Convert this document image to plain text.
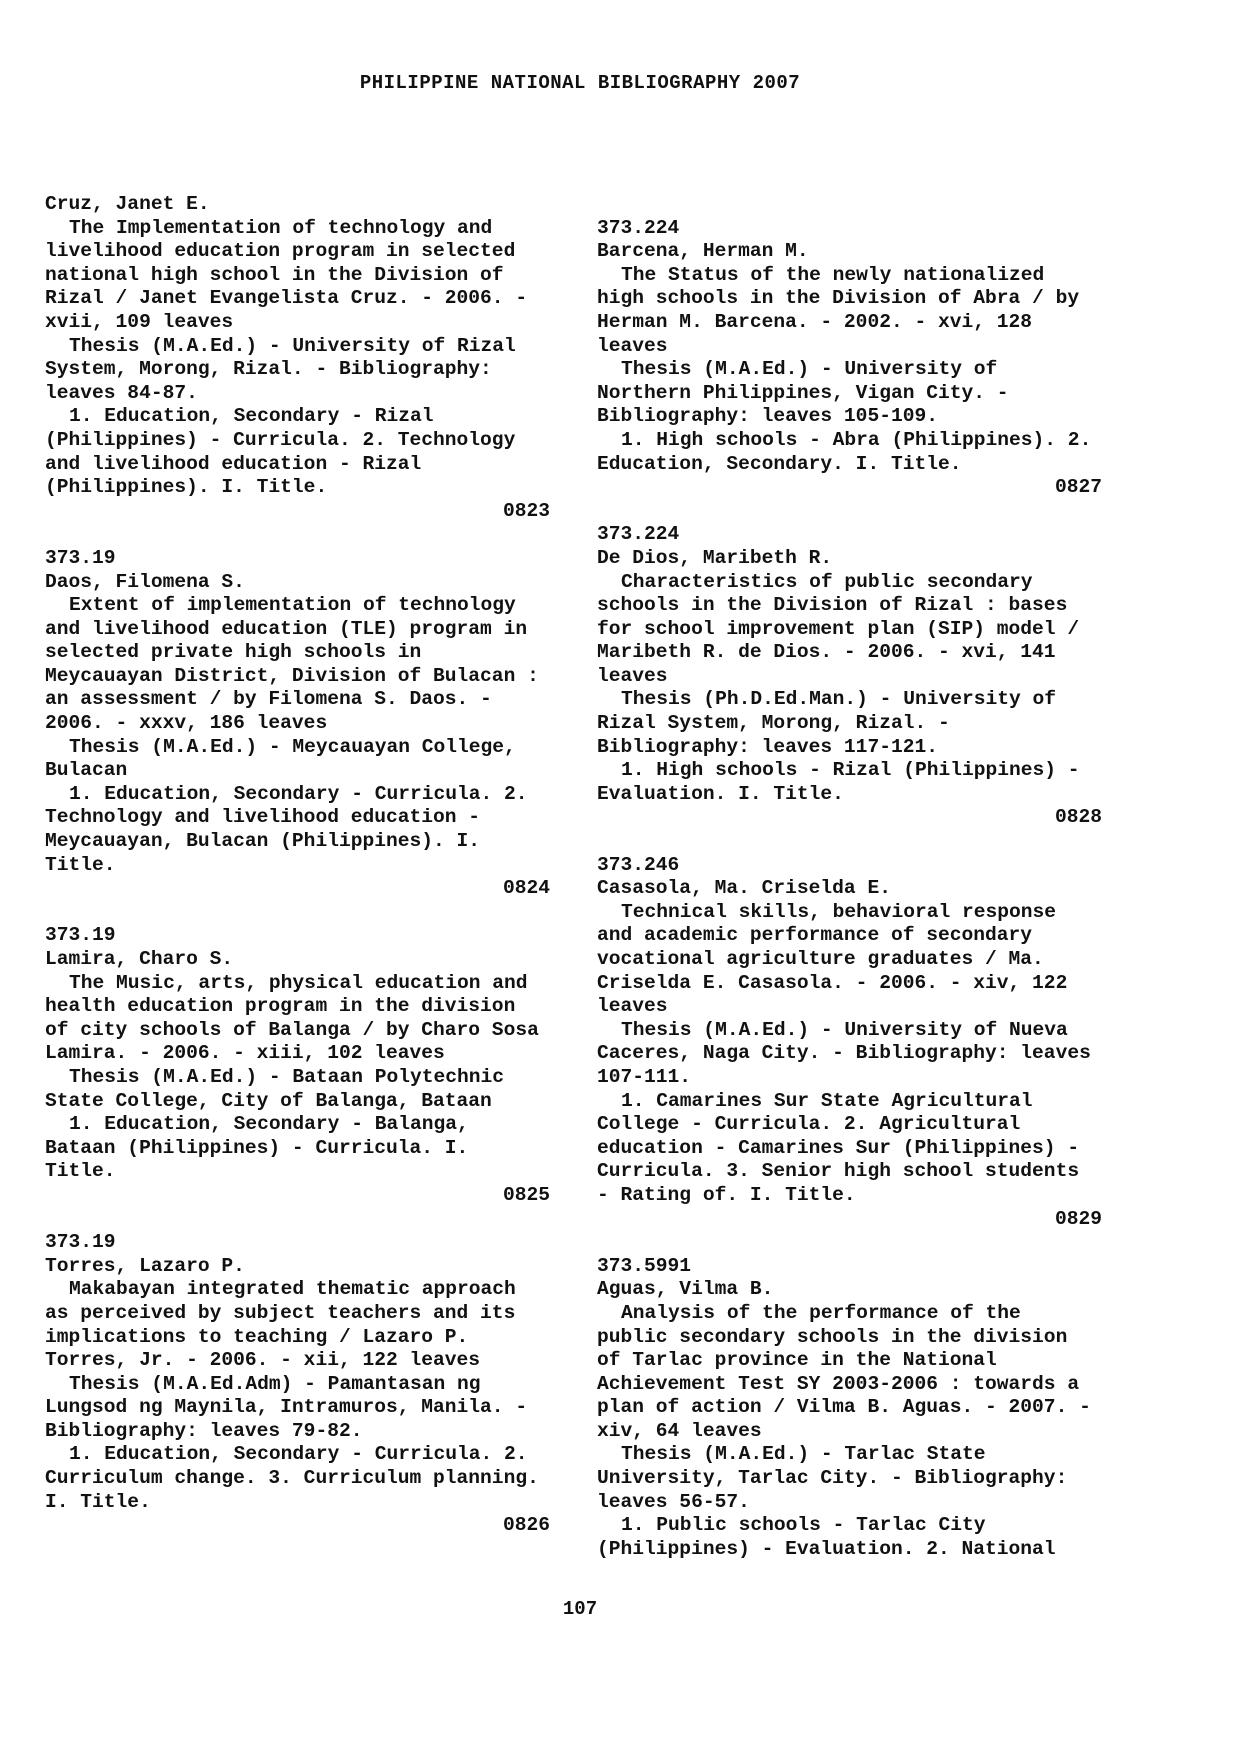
PHILIPPINE NATIONAL BIBLIOGRAPHY 2007

Cruz, Janet E.

The Implementation of technology and livelihood education program in selected national high school in the Division of Rizal / Janet Evangelista Cruz. - 2006. - xvii, 109 leaves

Thesis (M.A.Ed.) - University of Rizal System, Morong, Rizal. - Bibliography: leaves 84-87.

1. Education, Secondary - Rizal (Philippines) - Curricula. 2. Technology and livelihood education - Rizal (Philippines). I. Title.

0823

373.19

Daos, Filomena S.

Extent of implementation of technology and livelihood education (TLE) program in selected private high schools in Meycauayan District, Division of Bulacan : an assessment / by Filomena S. Daos. - 2006. - xxxv, 186 leaves

Thesis (M.A.Ed.) - Meycauayan College, Bulacan

1. Education, Secondary - Curricula. 2. Technology and livelihood education - Meycauayan, Bulacan (Philippines). I. Title.

0824

373.19

Lamira, Charo S.

The Music, arts, physical education and health education program in the division of city schools of Balanga / by Charo Sosa Lamira. - 2006. - xiii, 102 leaves

Thesis (M.A.Ed.) - Bataan Polytechnic State College, City of Balanga, Bataan

1. Education, Secondary - Balanga, Bataan (Philippines) - Curricula. I. Title.

0825

373.19

Torres, Lazaro P.

Makabayan integrated thematic approach as perceived by subject teachers and its implications to teaching / Lazaro P. Torres, Jr. - 2006. - xii, 122 leaves

Thesis (M.A.Ed.Adm) - Pamantasan ng Lungsod ng Maynila, Intramuros, Manila. - Bibliography: leaves 79-82.

1. Education, Secondary - Curricula. 2. Curriculum change. 3. Curriculum planning. I. Title.

0826

373.224

Barcena, Herman M.

The Status of the newly nationalized high schools in the Division of Abra / by Herman M. Barcena. - 2002. - xvi, 128 leaves

Thesis (M.A.Ed.) - University of Northern Philippines, Vigan City. - Bibliography: leaves 105-109.

1. High schools - Abra (Philippines). 2. Education, Secondary. I. Title.

0827

373.224

De Dios, Maribeth R.

Characteristics of public secondary schools in the Division of Rizal : bases for school improvement plan (SIP) model / Maribeth R. de Dios. - 2006. - xvi, 141 leaves

Thesis (Ph.D.Ed.Man.) - University of Rizal System, Morong, Rizal. - Bibliography: leaves 117-121.

1. High schools - Rizal (Philippines) - Evaluation. I. Title.

0828

373.246

Casasola, Ma. Criselda E.

Technical skills, behavioral response and academic performance of secondary vocational agriculture graduates / Ma. Criselda E. Casasola. - 2006. - xiv, 122 leaves

Thesis (M.A.Ed.) - University of Nueva Caceres, Naga City. - Bibliography: leaves 107-111.

1. Camarines Sur State Agricultural College - Curricula. 2. Agricultural education - Camarines Sur (Philippines) - Curricula. 3. Senior high school students - Rating of. I. Title.

0829

373.5991

Aguas, Vilma B.

Analysis of the performance of the public secondary schools in the division of Tarlac province in the National Achievement Test SY 2003-2006 : towards a plan of action / Vilma B. Aguas. - 2007. - xiv, 64 leaves

Thesis (M.A.Ed.) - Tarlac State University, Tarlac City. - Bibliography: leaves 56-57.

1. Public schools - Tarlac City (Philippines) - Evaluation. 2. National

107
